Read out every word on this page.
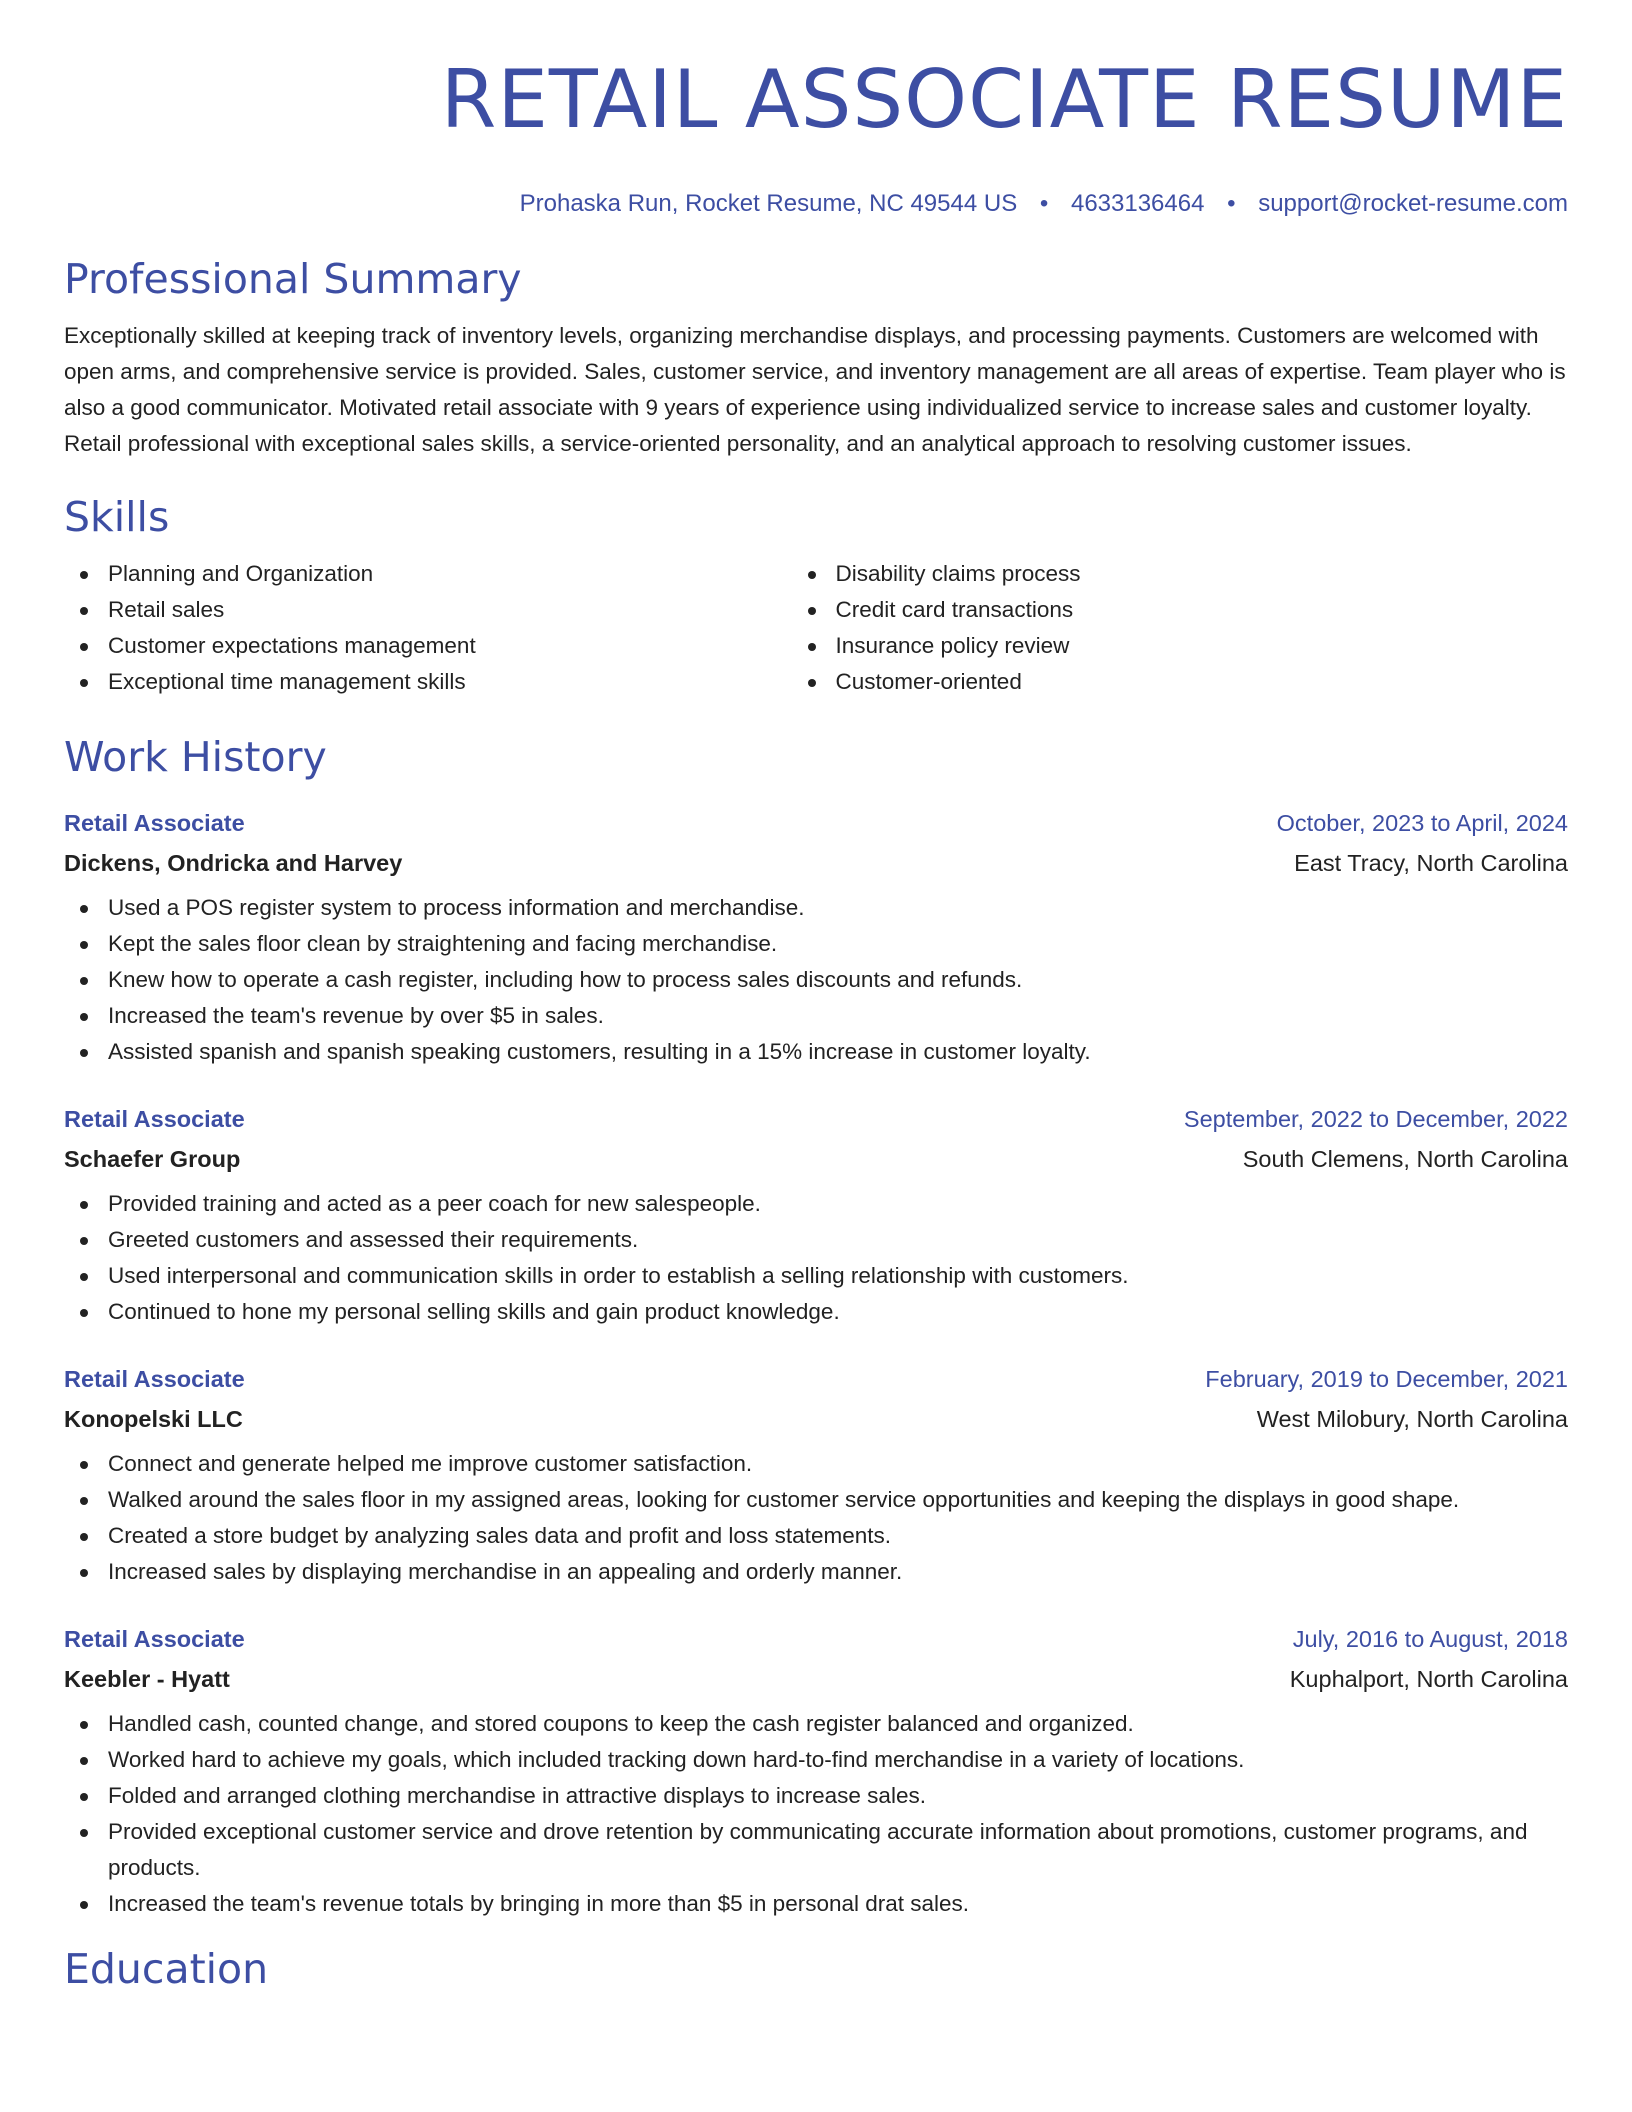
RETAIL ASSOCIATE RESUME
Prohaska Run, Rocket Resume, NC 49544 US • 4633136464 • support@rocket-resume.com
Professional Summary

Exceptionally skilled at keeping track of inventory levels, organizing merchandise displays, and processing payments. Customers are welcomed with open arms, and comprehensive service is provided. Sales, customer service, and inventory management are all areas of expertise. Team player who is also a good communicator. Motivated retail associate with 9 years of experience using individualized service to increase sales and customer loyalty. Retail professional with exceptional sales skills, a service-oriented personality, and an analytical approach to resolving customer issues.

Skills
Planning and Organization
Retail sales
Customer expectations management
Exceptional time management skills
Disability claims process
Credit card transactions
Insurance policy review
Customer-oriented
Work History
Retail Associate	October, 2023 to April, 2024
Dickens, Ondricka and Harvey	East Tracy, North Carolina
Used a POS register system to process information and merchandise.
Kept the sales floor clean by straightening and facing merchandise.
Knew how to operate a cash register, including how to process sales discounts and refunds.
Increased the team's revenue by over $5 in sales.
Assisted spanish and spanish speaking customers, resulting in a 15% increase in customer loyalty.
Retail Associate	September, 2022 to December, 2022
Schaefer Group	South Clemens, North Carolina
Provided training and acted as a peer coach for new salespeople.
Greeted customers and assessed their requirements.
Used interpersonal and communication skills in order to establish a selling relationship with customers.
Continued to hone my personal selling skills and gain product knowledge.
Retail Associate	February, 2019 to December, 2021
Konopelski LLC	West Milobury, North Carolina
Connect and generate helped me improve customer satisfaction.
Walked around the sales floor in my assigned areas, looking for customer service opportunities and keeping the displays in good shape.
Created a store budget by analyzing sales data and profit and loss statements.
Increased sales by displaying merchandise in an appealing and orderly manner.
Retail Associate	July, 2016 to August, 2018
Keebler - Hyatt	Kuphalport, North Carolina
Handled cash, counted change, and stored coupons to keep the cash register balanced and organized.
Worked hard to achieve my goals, which included tracking down hard-to-find merchandise in a variety of locations.
Folded and arranged clothing merchandise in attractive displays to increase sales.
Provided exceptional customer service and drove retention by communicating accurate information about promotions, customer programs, and products.
Increased the team's revenue totals by bringing in more than $5 in personal drat sales.
Education
